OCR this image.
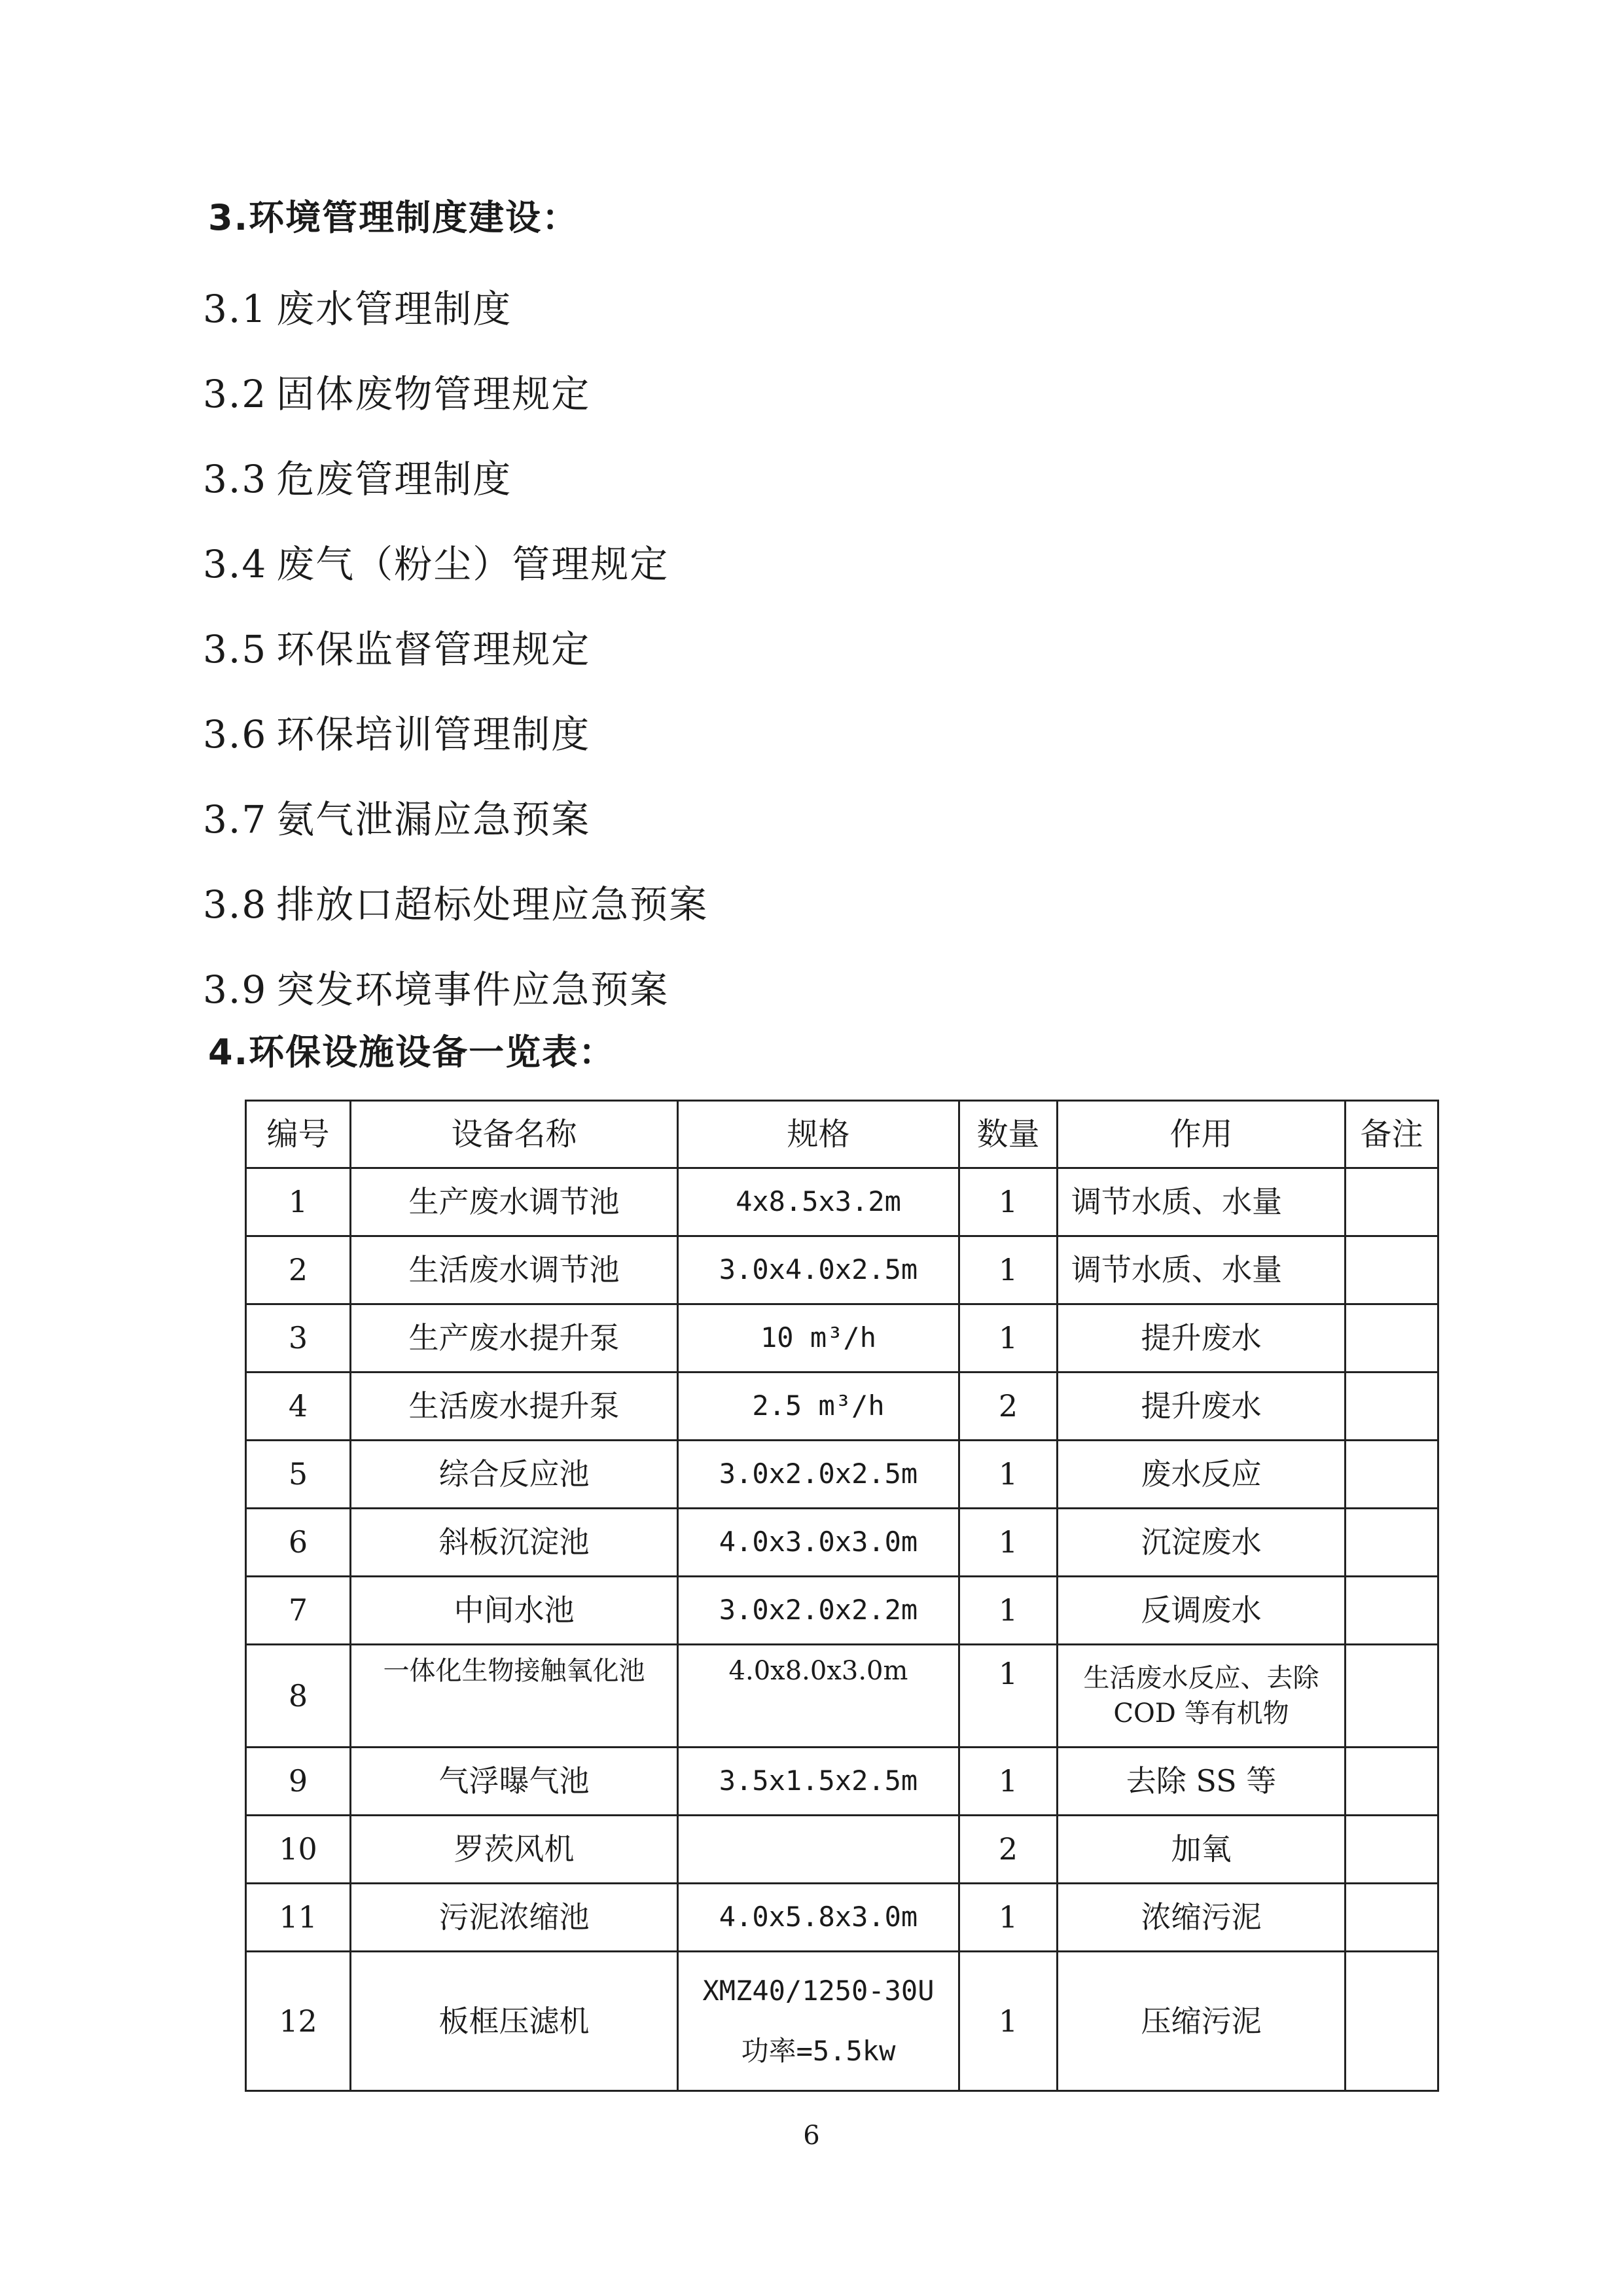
3.环境管理制度建设：
3.1 废水管理制度
3.2 固体废物管理规定
3.3 危废管理制度
3.4 废气（粉尘）管理规定
3.5 环保监督管理规定
3.6 环保培训管理制度
3.7 氨气泄漏应急预案
3.8 排放口超标处理应急预案
3.9 突发环境事件应急预案
4.环保设施设备一览表：
编号	设备名称	规格	数量	作用	备注
1	生产废水调节池	4x8.5x3.2m	1	调节水质、水量	
2	生活废水调节池	3.0x4.0x2.5m	1	调节水质、水量	
3	生产废水提升泵	10 m³/h	1	提升废水	
4	生活废水提升泵	2.5 m³/h	2	提升废水	
5	综合反应池	3.0x2.0x2.5m	1	废水反应	
6	斜板沉淀池	4.0x3.0x3.0m	1	沉淀废水	
7	中间水池	3.0x2.0x2.2m	1	反调废水	
8	一体化生物接触氧化池	4.0x8.0x3.0m	1	生活废水反应、去除
COD 等有机物	

9	气浮曝气池	3.5x1.5x2.5m	1	去除 SS 等	
10	罗茨风机		2	加氧	
11	污泥浓缩池	4.0x5.8x3.0m	1	浓缩污泥	
12	板框压滤机	XMZ40/1250-30U
功率=5.5kw	1	压缩污泥	
6
